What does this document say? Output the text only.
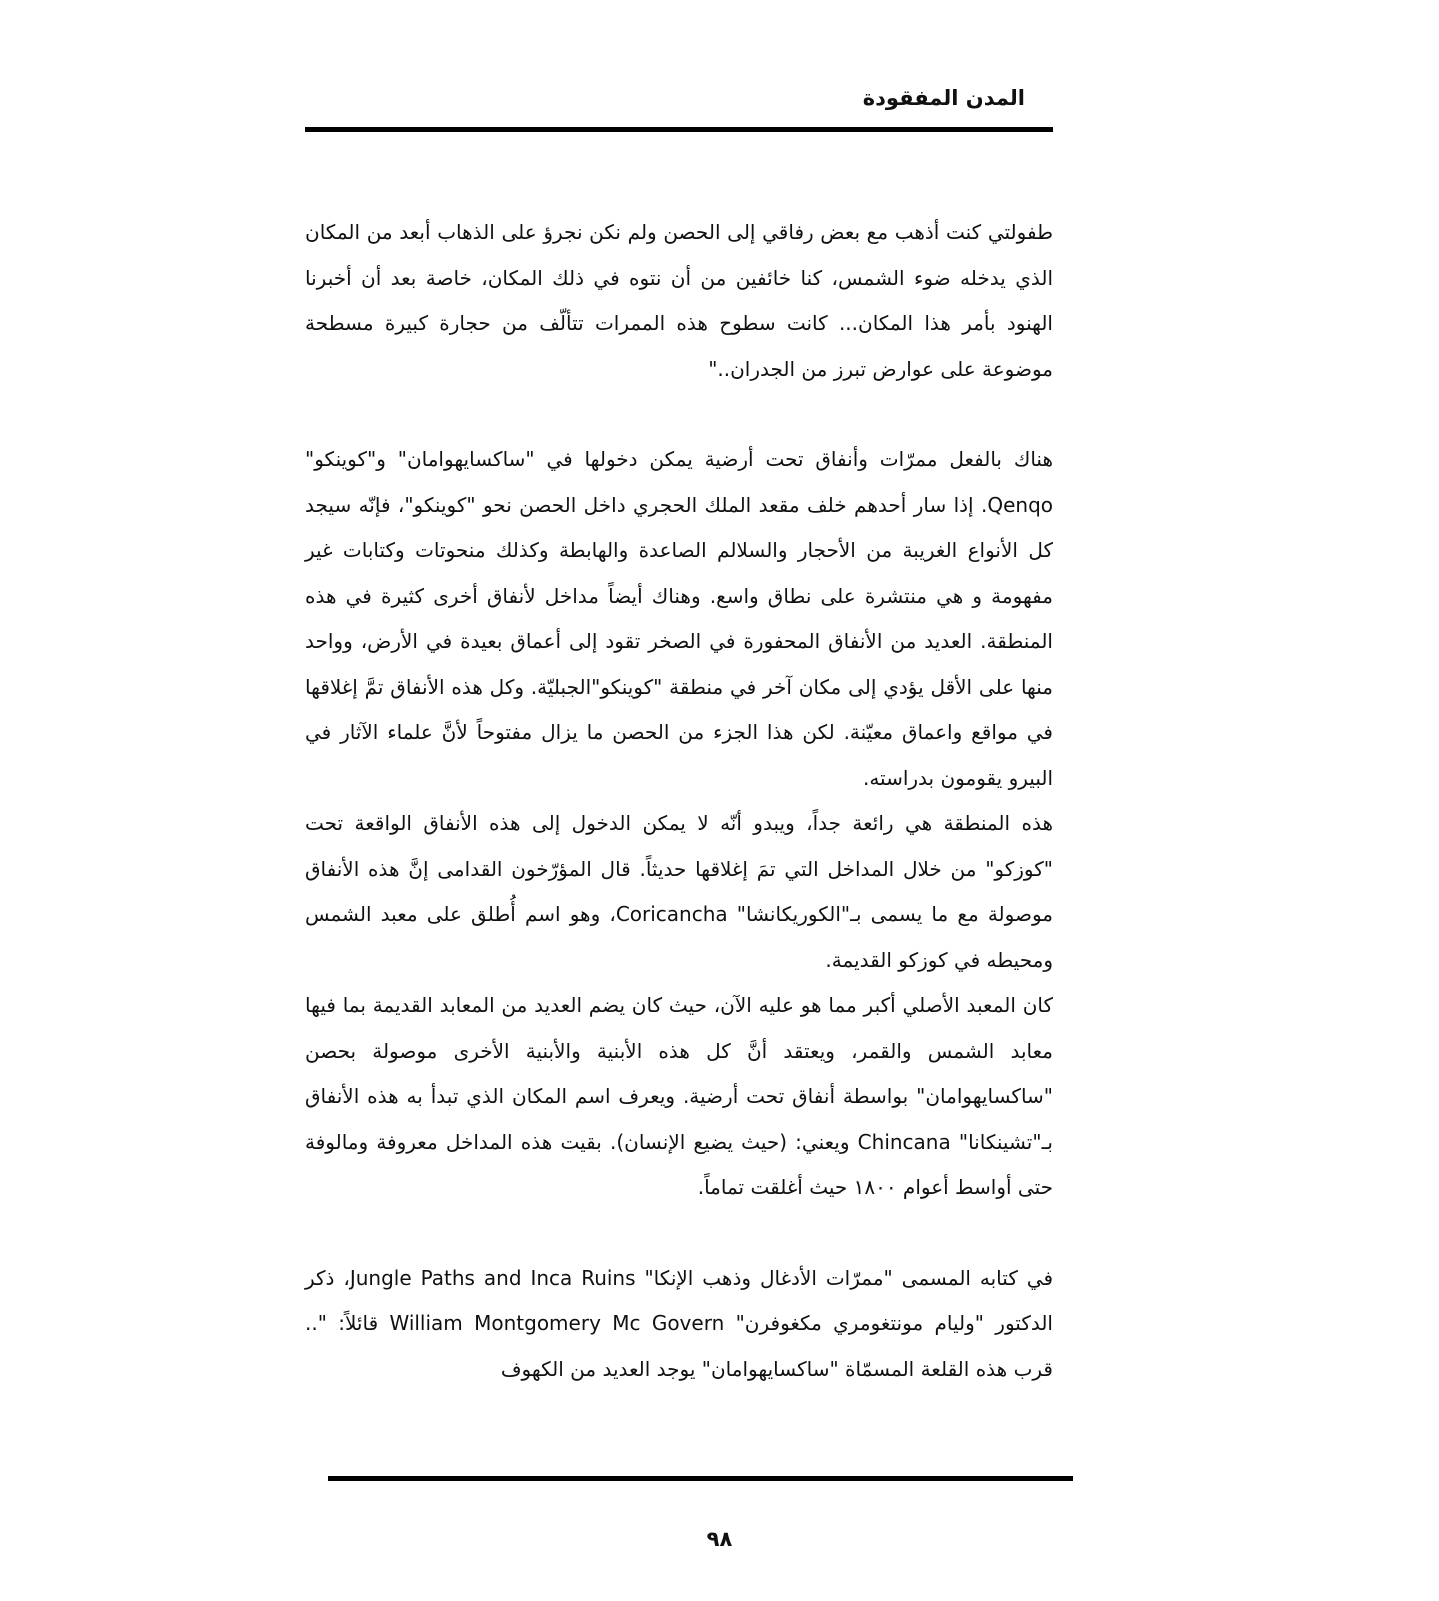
المدن المفقودة

طفولتي كنت أذهب مع بعض رفاقي إلى الحصن ولم نكن نجرؤ على الذهاب أبعد من المكان الذي يدخله ضوء الشمس، كنا خائفين من أن نتوه في ذلك المكان، خاصة بعد أن أخبرنا الهنود بأمر هذا المكان... كانت سطوح هذه الممرات تتألّف من حجارة كبيرة مسطحة موضوعة على عوارض تبرز من الجدران.."

هناك بالفعل ممرّات وأنفاق تحت أرضية يمكن دخولها في "ساكسايهوامان" و"كوينكو" Qenqo. إذا سار أحدهم خلف مقعد الملك الحجري داخل الحصن نحو "كوينكو"، فإنّه سيجد كل الأنواع الغريبة من الأحجار والسلالم الصاعدة والهابطة وكذلك منحوتات وكتابات غير مفهومة و هي منتشرة على نطاق واسع. وهناك أيضاً مداخل لأنفاق أخرى كثيرة في هذه المنطقة. العديد من الأنفاق المحفورة في الصخر تقود إلى أعماق بعيدة في الأرض، وواحد منها على الأقل يؤدي إلى مكان آخر في منطقة "كوينكو"الجبليّة. وكل هذه الأنفاق تمَّ إغلاقها في مواقع واعماق معيّنة. لكن هذا الجزء من الحصن ما يزال مفتوحاً لأنَّ علماء الآثار في البيرو يقومون بدراسته.

هذه المنطقة هي رائعة جداً، ويبدو أنّه لا يمكن الدخول إلى هذه الأنفاق الواقعة تحت "كوزكو" من خلال المداخل التي تمَ إغلاقها حديثاً. قال المؤرّخون القدامى إنَّ هذه الأنفاق موصولة مع ما يسمى بـ"الكوريكانشا" Coricancha، وهو اسم أُطلق على معبد الشمس ومحيطه في كوزكو القديمة.

كان المعبد الأصلي أكبر مما هو عليه الآن، حيث كان يضم العديد من المعابد القديمة بما فيها معابد الشمس والقمر، ويعتقد أنَّ كل هذه الأبنية والأبنية الأخرى موصولة بحصن "ساكسايهوامان" بواسطة أنفاق تحت أرضية. ويعرف اسم المكان الذي تبدأ به هذه الأنفاق بـ"تشينكانا" Chincana ويعني: (حيث يضيع الإنسان). بقيت هذه المداخل معروفة ومالوفة حتى أواسط أعوام ١٨٠٠ حيث أغلقت تماماً.

في كتابه المسمى "ممرّات الأدغال وذهب الإنكا" Jungle Paths and Inca Ruins، ذكر الدكتور "وليام مونتغومري مكغوفرن" William Montgomery Mc Govern قائلاً: ".. قرب هذه القلعة المسمّاة "ساكسايهوامان" يوجد العديد من الكهوف

٩٨
